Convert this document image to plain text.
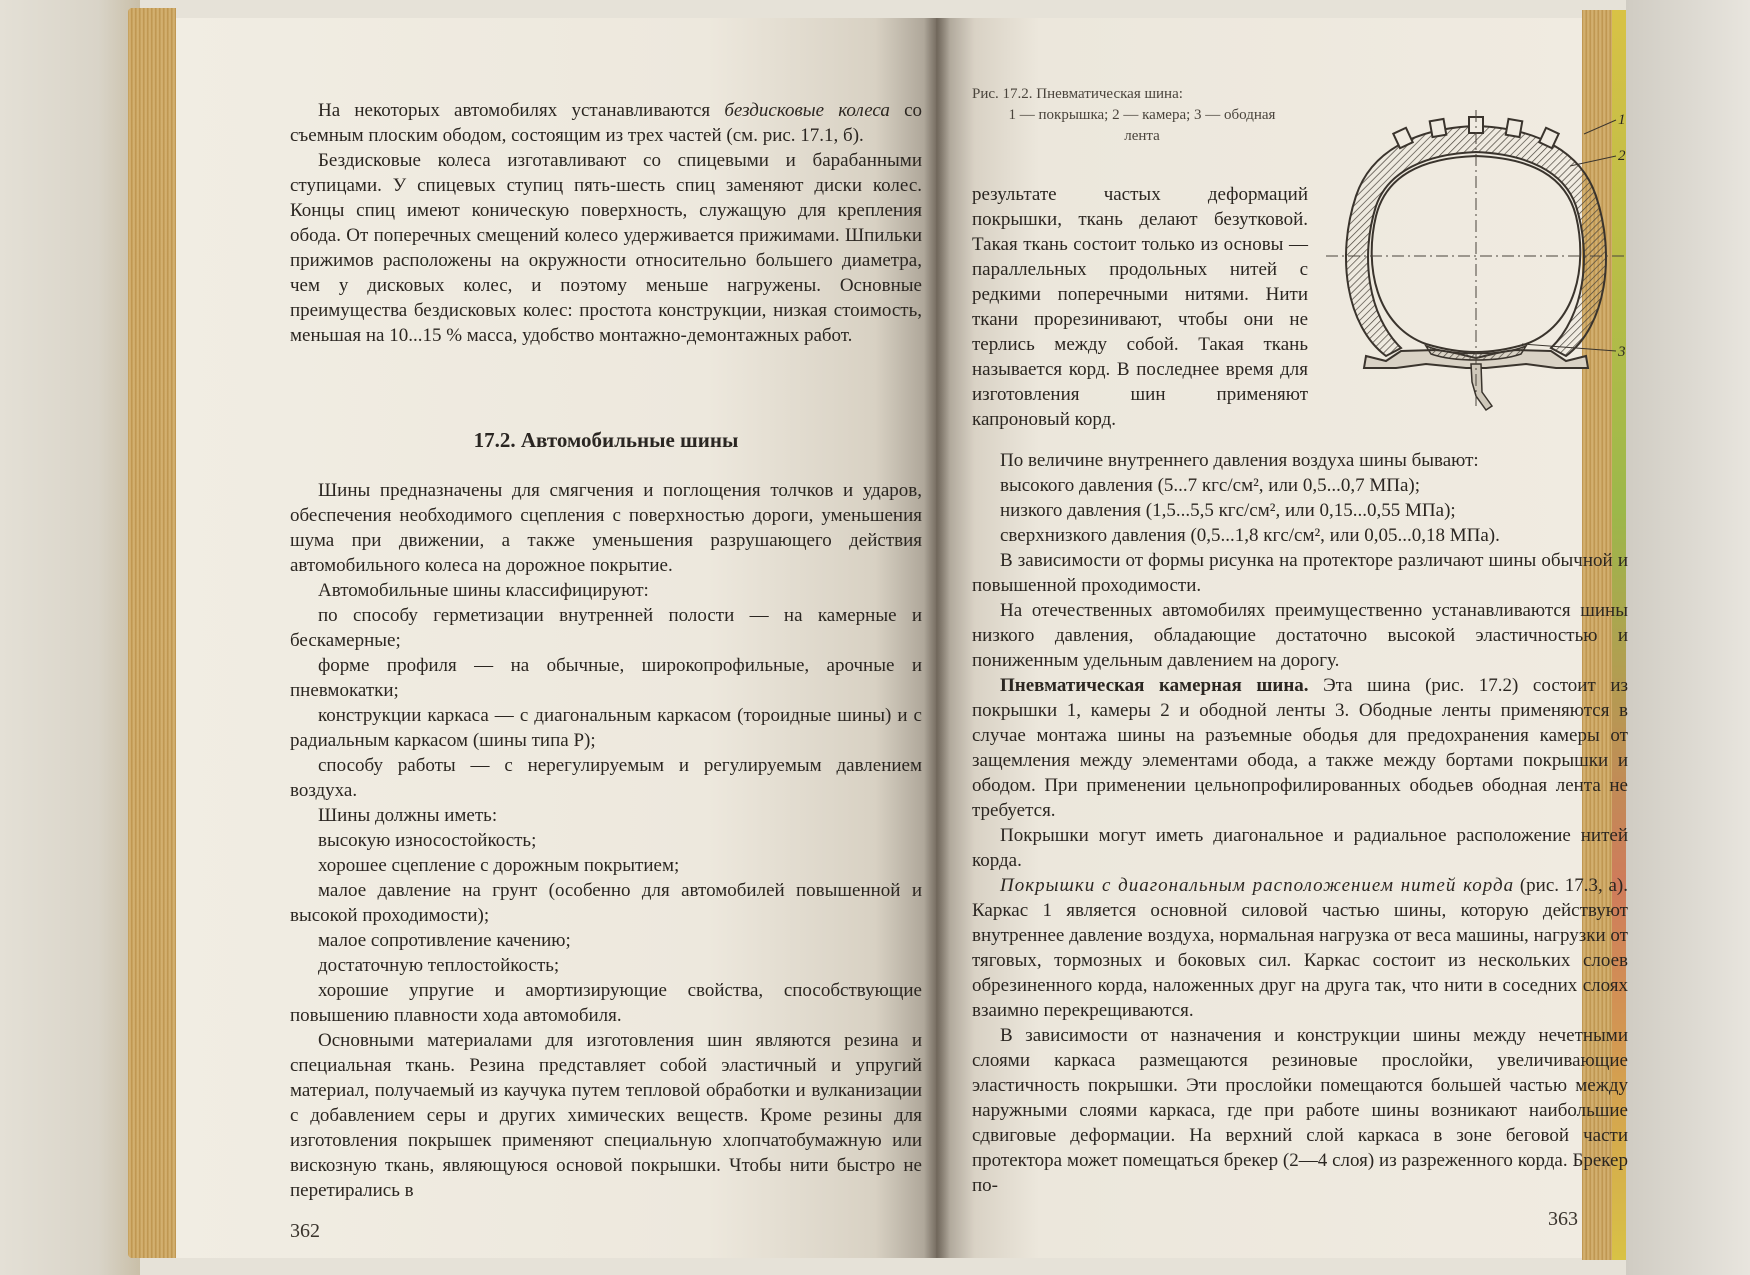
На некоторых автомобилях устанавливаются бездисковые колеса со съемным плоским ободом, состоящим из трех частей (см. рис. 17.1, б).

Бездисковые колеса изготавливают со спицевыми и барабанными ступицами. У спицевых ступиц пять-шесть спиц заменяют диски колес. Концы спиц имеют коническую поверхность, служащую для крепления обода. От поперечных смещений колесо удерживается прижимами. Шпильки прижимов расположены на окружности относительно большего диаметра, чем у дисковых колес, и поэтому меньше нагружены. Основные преимущества бездисковых колес: простота конструкции, низкая стоимость, меньшая на 10...15 % масса, удобство монтажно-демонтажных работ.

17.2. Автомобильные шины

Шины предназначены для смягчения и поглощения толчков и ударов, обеспечения необходимого сцепления с поверхностью дороги, уменьшения шума при движении, а также уменьшения разрушающего действия автомобильного колеса на дорожное покрытие.

Автомобильные шины классифицируют:

по способу герметизации внутренней полости — на камерные и бескамерные;

форме профиля — на обычные, широкопрофильные, арочные и пневмокатки;

конструкции каркаса — с диагональным каркасом (тороидные шины) и с радиальным каркасом (шины типа Р);

способу работы — с нерегулируемым и регулируемым давлением воздуха.

Шины должны иметь:

высокую износостойкость;

хорошее сцепление с дорожным покрытием;

малое давление на грунт (особенно для автомобилей повышенной и высокой проходимости);

малое сопротивление качению;

достаточную теплостойкость;

хорошие упругие и амортизирующие свойства, способствующие повышению плавности хода автомобиля.

Основными материалами для изготовления шин являются резина и специальная ткань. Резина представляет собой эластичный и упругий материал, получаемый из каучука путем тепловой обработки и вулканизации с добавлением серы и других химических веществ. Кроме резины для изготовления покрышек применяют специальную хлопчатобумажную или вискозную ткань, являющуюся основой покрышки. Чтобы нити быстро не перетирались в

362
Рис. 17.2. Пневматическая шина:
1 — покрышка; 2 — камера; 3 — ободная
лента
1
2
3

результате частых деформаций покрышки, ткань делают безутковой. Такая ткань состоит только из основы — параллельных продольных нитей с редкими поперечными нитями. Нити ткани прорезинивают, чтобы они не терлись между собой. Такая ткань называется корд. В последнее время для изготовления шин применяют капроновый корд.

По величине внутреннего давления воздуха шины бывают:

высокого давления (5...7 кгс/см², или 0,5...0,7 МПа);

низкого давления (1,5...5,5 кгс/см², или 0,15...0,55 МПа);

сверхнизкого давления (0,5...1,8 кгс/см², или 0,05...0,18 МПа).

В зависимости от формы рисунка на протекторе различают шины обычной и повышенной проходимости.

На отечественных автомобилях преимущественно устанавливаются шины низкого давления, обладающие достаточно высокой эластичностью и пониженным удельным давлением на дорогу.

Пневматическая камерная шина. Эта шина (рис. 17.2) состоит из покрышки 1, камеры 2 и ободной ленты 3. Ободные ленты применяются в случае монтажа шины на разъемные ободья для предохранения камеры от защемления между элементами обода, а также между бортами покрышки и ободом. При применении цельнопрофилированных ободьев ободная лента не требуется.

Покрышки могут иметь диагональное и радиальное расположение нитей корда.

Покрышки с диагональным расположением нитей корда (рис. 17.3, а). Каркас 1 является основной силовой частью шины, которую действуют внутреннее давление воздуха, нормальная нагрузка от веса машины, нагрузки от тяговых, тормозных и боковых сил. Каркас состоит из нескольких слоев обрезиненного корда, наложенных друг на друга так, что нити в соседних слоях взаимно перекрещиваются.

В зависимости от назначения и конструкции шины между нечетными слоями каркаса размещаются резиновые прослойки, увеличивающие эластичность покрышки. Эти прослойки помещаются большей частью между наружными слоями каркаса, где при работе шины возникают наибольшие сдвиговые деформации. На верхний слой каркаса в зоне беговой части протектора может помещаться брекер (2—4 слоя) из разреженного корда. Брекер по-

363
